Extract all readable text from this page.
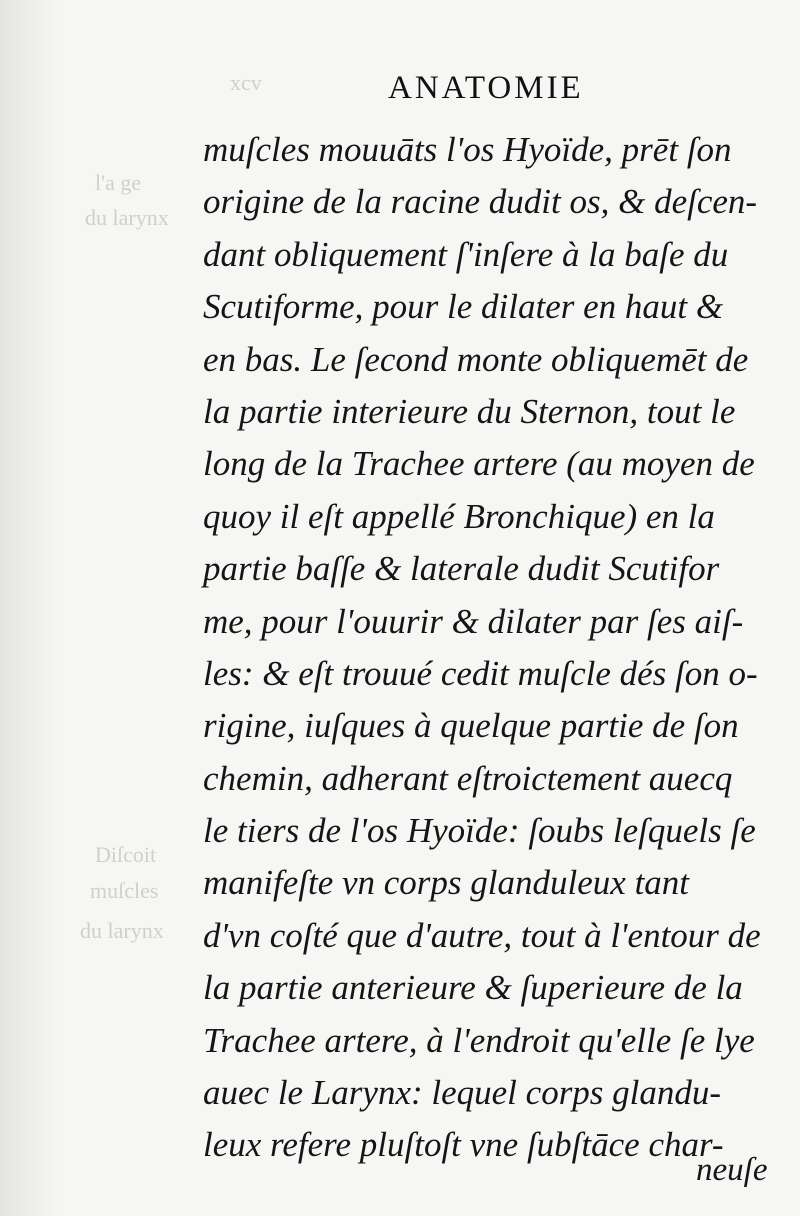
l'a ge
du larynx
Diſcoit
muſcles
du larynx
xcv	ANATOMIE
muſcles mouuāts l'os Hyoïde, prēt ſon
origine de la racine dudit os, & deſcen-
dant obliquement ſ'inſere à la baſe du
Scutiforme, pour le dilater en haut &
en bas. Le ſecond monte obliquemēt de
la partie interieure du Sternon, tout le
long de la Trachee artere (au moyen de
quoy il eſt appellé Bronchique) en la
partie baſſe & laterale dudit Scutifor
me, pour l'ouurir & dilater par ſes aiſ-
les: & eſt trouué cedit muſcle dés ſon o-
rigine, iuſques à quelque partie de ſon
chemin, adherant eſtroictement auecq
le tiers de l'os Hyoïde: ſoubs leſquels ſe
manifeſte vn corps glanduleux tant
d'vn coſté que d'autre, tout à l'entour de
la partie anterieure & ſuperieure de la
Trachee artere, à l'endroit qu'elle ſe lye
auec le Larynx: lequel corps glandu-
leux refere pluſtoſt vne ſubſtāce char-
neuſe
